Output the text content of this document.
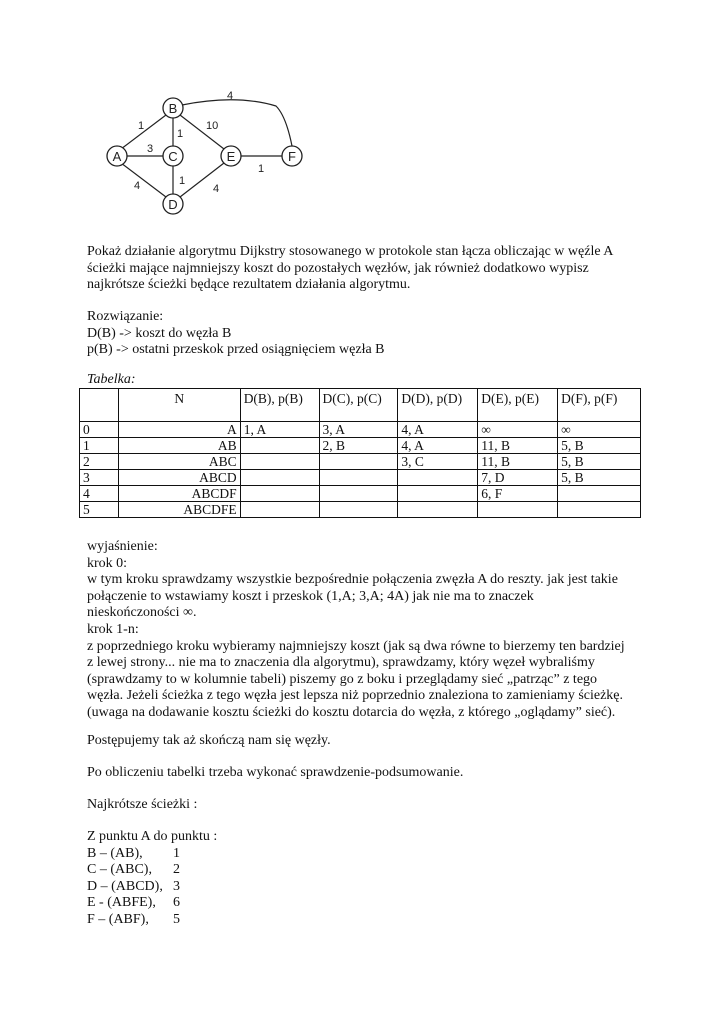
1
3
4
1
10
4
1
4
1
A
B
C
D
E	F
Pokaż działanie algorytmu Dijkstry stosowanego w protokole stan łącza obliczając w węźle A
ścieżki mające najmniejszy koszt do pozostałych węzłów, jak również dodatkowo wypisz
najkrótsze ścieżki będące rezultatem działania algorytmu.
Rozwiązanie:
D(B) -> koszt do węzła B
p(B) -> ostatni przeskok przed osiągnięciem węzła B
Tabelka:
	N	D(B), p(B)	D(C), p(C)	D(D), p(D)	D(E), p(E)	D(F), p(F)
0	A	1, A	3, A	4, A	∞	∞
1	AB		2, B	4, A	11, B	5, B
2	ABC			3, C	11, B	5, B
3	ABCD				7, D	5, B
4	ABCDF				6, F	
5	ABCDFE					
wyjaśnienie:
krok 0:
w tym kroku sprawdzamy wszystkie bezpośrednie połączenia zwęzła A do reszty. jak jest takie
połączenie to wstawiamy koszt i przeskok (1,A; 3,A; 4A) jak nie ma to znaczek
nieskończoności ∞.
krok 1-n:
z poprzedniego kroku wybieramy najmniejszy koszt (jak są dwa równe to bierzemy ten bardziej
z lewej strony... nie ma to znaczenia dla algorytmu), sprawdzamy, który węzeł wybraliśmy
(sprawdzamy to w kolumnie tabeli) piszemy go z boku i przeglądamy sieć „patrząc” z tego
węzła. Jeżeli ścieżka z tego węzła jest lepsza niż poprzednio znaleziona to zamieniamy ścieżkę.
(uwaga na dodawanie kosztu ścieżki do kosztu dotarcia do węzła, z którego „oglądamy” sieć).
Postępujemy tak aż skończą nam się węzły.
Po obliczeniu tabelki trzeba wykonać sprawdzenie-podsumowanie.
Najkrótsze ścieżki :
Z punktu A do punktu :
B – (AB), 1
C – (ABC), 2
D – (ABCD), 3
E - (ABFE), 6
F – (ABF), 5
